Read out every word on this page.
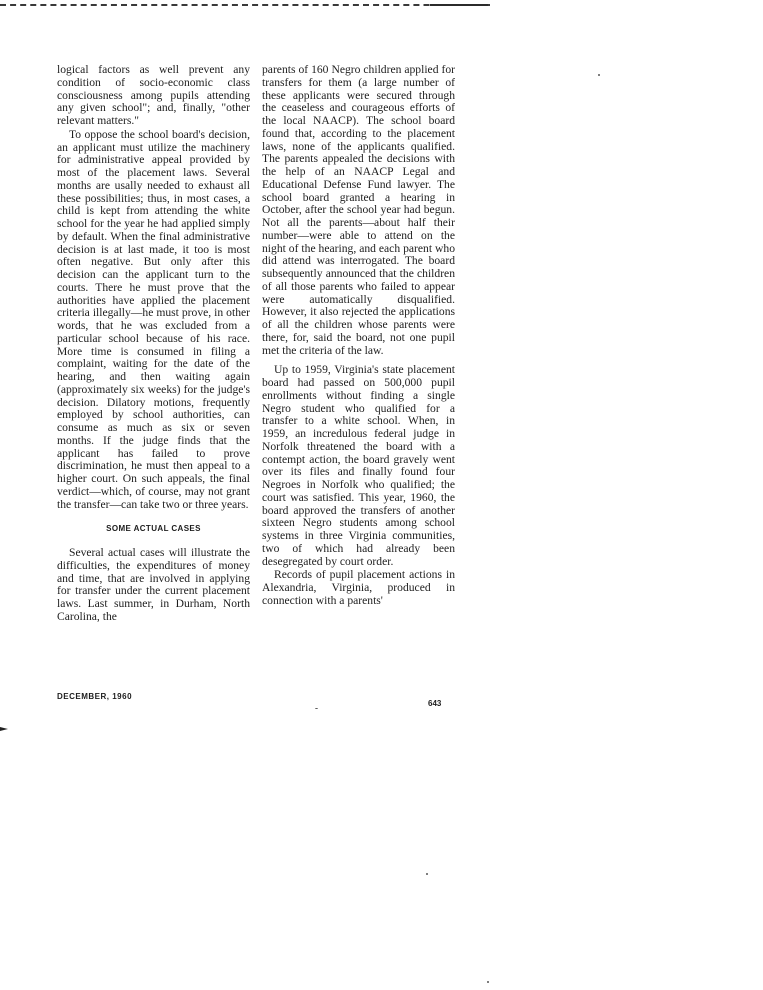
logical factors as well prevent any condition of socio-economic class consciousness among pupils attending any given school"; and, finally, "other relevant matters."

To oppose the school board's decision, an applicant must utilize the machinery for administrative appeal provided by most of the placement laws. Several months are usally needed to exhaust all these possibilities; thus, in most cases, a child is kept from attending the white school for the year he had applied simply by default. When the final administrative decision is at last made, it too is most often negative. But only after this decision can the applicant turn to the courts. There he must prove that the authorities have applied the placement criteria illegally—he must prove, in other words, that he was excluded from a particular school because of his race. More time is consumed in filing a complaint, waiting for the date of the hearing, and then waiting again (approximately six weeks) for the judge's decision. Dilatory motions, frequently employed by school authorities, can consume as much as six or seven months. If the judge finds that the applicant has failed to prove discrimination, he must then appeal to a higher court. On such appeals, the final verdict—which, of course, may not grant the transfer—can take two or three years.

SOME ACTUAL CASES

Several actual cases will illustrate the difficulties, the expenditures of money and time, that are involved in applying for transfer under the current placement laws. Last summer, in Durham, North Carolina, the

parents of 160 Negro children applied for transfers for them (a large number of these applicants were secured through the ceaseless and courageous efforts of the local NAACP). The school board found that, according to the placement laws, none of the applicants qualified. The parents appealed the decisions with the help of an NAACP Legal and Educational Defense Fund lawyer. The school board granted a hearing in October, after the school year had begun. Not all the parents—about half their number—were able to attend on the night of the hearing, and each parent who did attend was interrogated. The board subsequently announced that the children of all those parents who failed to appear were automatically disqualified. However, it also rejected the applications of all the children whose parents were there, for, said the board, not one pupil met the criteria of the law.

Up to 1959, Virginia's state placement board had passed on 500,000 pupil enrollments without finding a single Negro student who qualified for a transfer to a white school. When, in 1959, an incredulous federal judge in Norfolk threatened the board with a contempt action, the board gravely went over its files and finally found four Negroes in Norfolk who qualified; the court was satisfied. This year, 1960, the board approved the transfers of another sixteen Negro students among school systems in three Virginia communities, two of which had already been desegregated by court order.

Records of pupil placement actions in Alexandria, Virginia, produced in connection with a parents'

DECEMBER, 1960
643
